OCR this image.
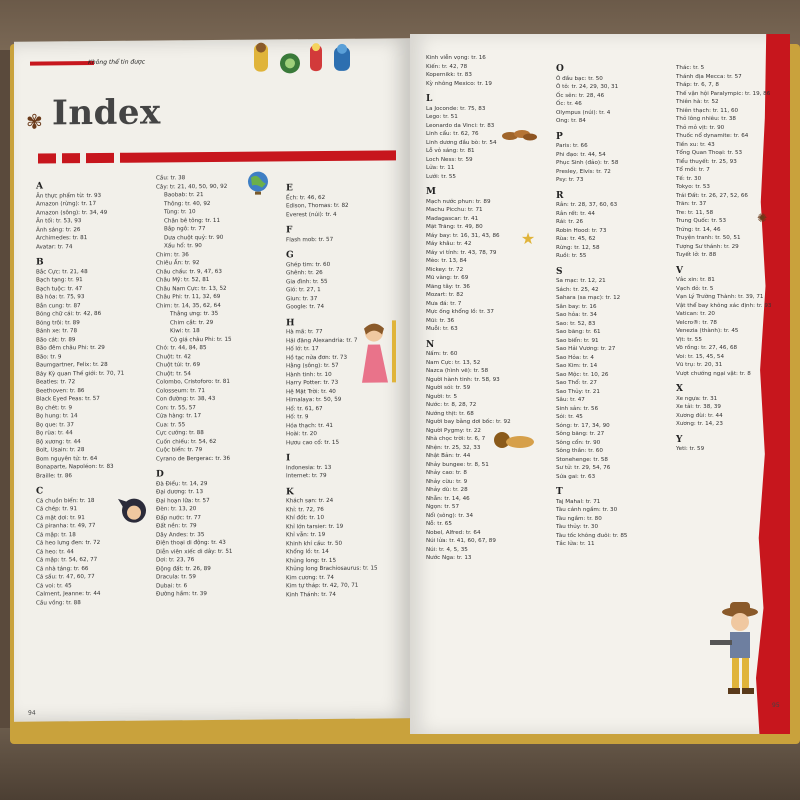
Không thể tin được
✾ Index
A
Ăn thực phẩm từ: tr. 93
Amazon (rừng): tr. 17
Amazon (sông): tr. 34, 49
Ăn tối: tr. 53, 93
Ánh sáng: tr. 26
Archimedes: tr. 81
Avatar: tr. 74
B
Bắc Cực: tr. 21, 48
Bạch tạng: tr. 91
Bạch tuộc: tr. 47
Bà hỏa: tr. 75, 93
Bắn cung: tr. 87
Bóng chữ cái: tr. 42, 86
Bóng trôi: tr. 89
Bánh xe: tr. 78
Bão cát: tr. 89
Bão đêm châu Phi: tr. 29
Bão: tr. 9
Baumgartner, Felix: tr. 28
Bảy Kỳ quan Thế giới: tr. 70, 71
Beatles: tr. 72
Beethoven: tr. 86
Black Eyed Peas: tr. 57
Bọ chét: tr. 9
Bọ hung: tr. 14
Bọ que: tr. 37
Bọ rùa: tr. 44
Bộ xương: tr. 44
Bolt, Usain: tr. 28
Bom nguyên tử: tr. 64
Bonaparte, Napoléon: tr. 83
Braille: tr. 86
C
Cá chuồn biển: tr. 18
Cá chép: tr. 91
Cá mặt dơi: tr. 91
Cá piranha: tr. 49, 77
Cá mập: tr. 18
Cá heo lưng đen: tr. 72
Cá heo: tr. 44
Cá mập: tr. 54, 62, 77
Cá nhà táng: tr. 66
Cá sấu: tr. 47, 60, 77
Cá voi: tr. 45
Calment, Jeanne: tr. 44
Cầu vồng: tr. 88
Cầu: tr. 38
Cây: tr. 21, 40, 50, 90, 92
Baobab: tr. 21
Thông: tr. 40, 92
Tùng: tr. 10
Chân bê tông: tr. 11
Bắp ngô: tr. 77
Dưa chuột quỷ: tr. 90
Xấu hổ: tr. 90
Chim: tr. 36
Chiêu Ấn: tr. 92
Châu chấu: tr. 9, 47, 63
Châu Mỹ: tr. 52, 81
Châu Nam Cực: tr. 13, 52
Châu Phi: tr. 11, 32, 69
Chim: tr. 14, 35, 62, 64
Thằng ưng: tr. 35
Chim cắt: tr. 29
Kiwi: tr. 18
Cò giá châu Phi: tr. 15
Chó: tr. 44, 84, 85
Chuột: tr. 42
Chuột túi: tr. 69
Chuột: tr. 54
Colombo, Cristoforo: tr. 81
Colosseum: tr. 71
Con đường: tr. 38, 43
Con: tr. 55, 57
Cửa hàng: tr. 17
Cua: tr. 55
Cực cướng: tr. 88
Cuốn chiếu: tr. 54, 62
Cuộc biển: tr. 79
Cyrano de Bergerac: tr. 36
D
Đà Điểu: tr. 14, 29
Đại dương: tr. 13
Đại hoạn lữa: tr. 57
Đèn: tr. 13, 20
Đấp nước: tr. 77
Đất nền: tr. 79
Dãy Andes: tr. 35
Điện thoại di động: tr. 43
Diễn viên xiếc di dây: tr. 51
Dơi: tr. 23, 76
Động đất: tr. 26, 89
Dracula: tr. 59
Dubai: tr. 6
Đường hầm: tr. 39
E
Ếch: tr. 46, 62
Edison, Thomas: tr. 82
Everest (núi): tr. 4
F
Flash mob: tr. 57
G
Ghép tim: tr. 60
Ghênh: tr. 26
Gia đình: tr. 55
Gió: tr. 27, 1
Giun: tr. 37
Google: tr. 74
H
Hà mã: tr. 77
Hải đăng Alexandria: tr. 7
Hố lớ: tr. 17
Hồ tạc nửa đơn: tr. 73
Hằng (sông): tr. 57
Hành tinh: tr. 10
Harry Potter: tr. 73
Hệ Mặt Trời: tr. 40
Himalaya: tr. 50, 59
Hổ: tr. 61, 67
Hố: tr. 9
Hóa thạch: tr. 41
Hoài: tr. 20
Hươu cao cổ: tr. 15
I
Indonesia: tr. 13
Internet: tr. 79
K
Khách sạn: tr. 24
Khỉ: tr. 72, 76
Khí đốt: tr. 10
Khỉ lớn tarsier: tr. 19
Khỉ vẫn: tr. 19
Khinh khí cầu: tr. 50
Khổng lồ: tr. 14
Khủng long: tr. 15
Khủng long Brachiosaurus: tr. 15
Kim cương: tr. 74
Kim tự tháp: tr. 42, 70, 71
Kinh Thánh: tr. 74
94
Kinh viễn vọng: tr. 16
Kiến: tr. 42, 78
Kopernikk: tr. 83
Kỳ nhông Mexico: tr. 19
L
La Joconde: tr. 75, 83
Lego: tr. 51
Leonardo da Vinci: tr. 83
Linh cẩu: tr. 62, 76
Linh dương đầu bò: tr. 54
Lỗ vỏ sáng: tr. 81
Loch Ness: tr. 59
Lửa: tr. 11
Lưới: tr. 55
M
Mạch nước phun: tr. 89
Machu Picchu: tr. 71
Madagascar: tr. 41
Mặt Trăng: tr. 49, 80
Máy bay: tr. 16, 31, 43, 86
Máy khâu: tr. 42
Máy vi tính: tr. 43, 78, 79
Mèo: tr. 13, 84
Mickey: tr. 72
Mũ vàng: tr. 69
Măng tây: tr. 36
Mozart: tr. 82
Mưa đá: tr. 7
Mực ống khổng lồ: tr. 37
Mũi: tr. 36
Muỗi: tr. 63
N
Nấm: tr. 60
Nam Cực: tr. 13, 52
Nazca (hình vẽ): tr. 58
Người hành tinh: tr. 58, 93
Người sói: tr. 59
Người: tr. 5
Nước: tr. 8, 28, 72
Nướng thịt: tr. 68
Người bay bằng dơi bốc: tr. 92
Người Pygmy: tr. 22
Nhà chọc trời: tr. 6, 7
Nhện: tr. 25, 32, 33
Nhật Bản: tr. 44
Nhảy bungee: tr. 8, 51
Nhảy cao: tr. 8
Nhảy cừu: tr. 9
Nhảy dù: tr. 28
Nhẫn: tr. 14, 46
Ngọn: tr. 57
Nổi (sông): tr. 34
Nỗ: tr. 65
Nobel, Alfred: tr. 64
Núi lửa: tr. 41, 60, 67, 89
Núi: tr. 4, 5, 35
Nước Nga: tr. 13
O
Ô đầu bạc: tr. 50
Ô tô: tr. 24, 29, 30, 31
Ốc sên: tr. 28, 46
Ốc: tr. 46
Olympus (núi): tr. 4
Ong: tr. 84
P
Paris: tr. 66
Phi đạo: tr. 44, 54
Phục Sinh (đảo): tr. 58
Presley, Elvis: tr. 72
Psy: tr. 73
R
Rắn: tr. 28, 37, 60, 63
Rắn rết: tr. 44
Rái: tr. 26
Robin Hood: tr. 73
Rùa: tr. 45, 62
Rừng: tr. 12, 58
Ruồi: tr. 55
S
Sa mạc: tr. 12, 21
Sách: tr. 25, 42
Sahara (sa mạc): tr. 12
Sân bay: tr. 16
Sao hỏa: tr. 34
Sao: tr. 52, 83
Sao băng: tr. 61
Sao biển: tr. 91
Sao Hải Vương: tr. 27
Sao Hỏa: tr. 4
Sao Kim: tr. 14
Sao Mộc: tr. 10, 26
Sao Thổ: tr. 27
Sao Thủy: tr. 21
Sâu: tr. 47
Sinh sản: tr. 56
Sói: tr. 45
Sóng: tr. 17, 34, 90
Sông băng: tr. 27
Sông cổn: tr. 90
Sông thần: tr. 60
Stonehenge: tr. 58
Sư tử: tr. 29, 54, 76
Sứa gai: tr. 63
T
Taj Mahal: tr. 71
Tàu cánh ngầm: tr. 30
Tàu ngầm: tr. 80
Tàu thủy: tr. 30
Tàu tốc không đuôi: tr. 85
Tắc lửa: tr. 11
Thác: tr. 5
Thánh địa Mecca: tr. 57
Tháp: tr. 6, 7, 8
Thế vận hội Paralympic: tr. 19, 86
Thiên hà: tr. 52
Thiên thạch: tr. 11, 60
Thỏ lông nhiêu: tr. 38
Thỏ mỏ vịt: tr. 90
Thuốc nổ dynamite: tr. 64
Tiền xu: tr. 43
Tổng Quan Thoại: tr. 53
Tiểu thuyết: tr. 25, 93
Tổ mối: tr. 7
Tế: tr. 30
Tokyo: tr. 53
Trái Đất: tr. 26, 27, 52, 66
Trăn: tr. 37
Tre: tr. 11, 58
Trung Quốc: tr. 53
Trứng: tr. 14, 46
Truyện tranh: tr. 50, 51
Tượng Sư thánh: tr. 29
Tuyết lở: tr. 88
V
Vắc xin: tr. 81
Vạch đỏ: tr. 5
Vạn Lý Trường Thành: tr. 39, 71
Vật thể bay không xác định: tr. 93
Vatican: tr. 20
Velcro®: tr. 78
Venezia (thành): tr. 45
Vịt: tr. 55
Võ rồng: tr. 27, 46, 68
Voi: tr. 15, 45, 54
Vũ trụ: tr. 20, 31
Vượt chướng ngại vật: tr. 8
X
Xe ngựa: tr. 31
Xe tải: tr. 38, 39
Xương đùi: tr. 44
Xương: tr. 14, 23
Y
Yeti: tr. 59
★
✺
95
